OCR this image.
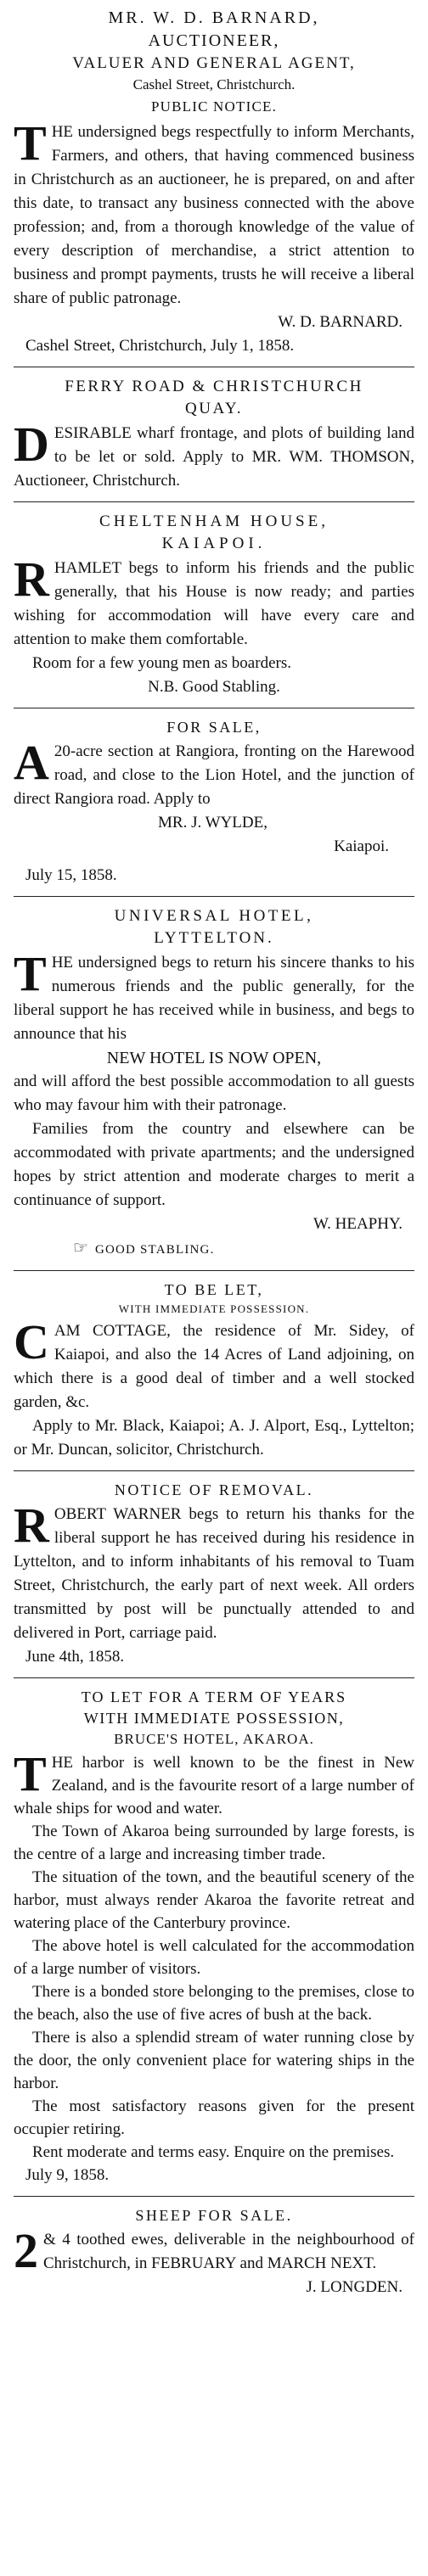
MR. W. D. BARNARD,
AUCTIONEER,
VALUER AND GENERAL AGENT,
Cashel Street, Christchurch.
PUBLIC NOTICE.
T HE undersigned begs respectfully to inform Merchants, Farmers, and others, that having commenced business in Christchurch as an auctioneer, he is prepared, on and after this date, to transact any business connected with the above profession; and, from a thorough knowledge of the value of every description of merchandise, a strict attention to business and prompt payments, trusts he will receive a liberal share of public patronage.

W. D. BARNARD.
Cashel Street, Christchurch, July 1, 1858.
FERRY ROAD & CHRISTCHURCH
QUAY.
D ESIRABLE wharf frontage, and plots of building land to be let or sold. Apply to MR. WM. THOMSON, Auctioneer, Christchurch.

CHELTENHAM HOUSE,
KAIAPOI.
R HAMLET begs to inform his friends and the public generally, that his House is now ready; and parties wishing for accommodation will have every care and attention to make them comfortable.

Room for a few young men as boarders.

N.B. Good Stabling.
FOR SALE,
A 20-acre section at Rangiora, fronting on the Harewood road, and close to the Lion Hotel, and the junction of direct Rangiora road. Apply to

MR. J. WYLDE,
Kaiapoi.
July 15, 1858.
UNIVERSAL HOTEL,
LYTTELTON.
T HE undersigned begs to return his sincere thanks to his numerous friends and the public generally, for the liberal support he has received while in business, and begs to announce that his

NEW HOTEL IS NOW OPEN,

and will afford the best possible accommodation to all guests who may favour him with their patronage.

Families from the country and elsewhere can be accommodated with private apartments; and the undersigned hopes by strict attention and moderate charges to merit a continuance of support.

W. HEAPHY.
☞ GOOD STABLING.
TO BE LET,
WITH IMMEDIATE POSSESSION.
C AM COTTAGE, the residence of Mr. Sidey, of Kaiapoi, and also the 14 Acres of Land adjoining, on which there is a good deal of timber and a well stocked garden, &c.

Apply to Mr. Black, Kaiapoi; A. J. Alport, Esq., Lyttelton; or Mr. Duncan, solicitor, Christchurch.

NOTICE OF REMOVAL.
R OBERT WARNER begs to return his thanks for the liberal support he has received during his residence in Lyttelton, and to inform inhabitants of his removal to Tuam Street, Christchurch, the early part of next week. All orders transmitted by post will be punctually attended to and delivered in Port, carriage paid.

June 4th, 1858.
TO LET FOR A TERM OF YEARS
WITH IMMEDIATE POSSESSION,
BRUCE'S HOTEL, AKAROA.
T HE harbor is well known to be the finest in New Zealand, and is the favourite resort of a large number of whale ships for wood and water.

The Town of Akaroa being surrounded by large forests, is the centre of a large and increasing timber trade.

The situation of the town, and the beautiful scenery of the harbor, must always render Akaroa the favorite retreat and watering place of the Canterbury province.

The above hotel is well calculated for the accommodation of a large number of visitors.

There is a bonded store belonging to the premises, close to the beach, also the use of five acres of bush at the back.

There is also a splendid stream of water running close by the door, the only convenient place for watering ships in the harbor.

The most satisfactory reasons given for the present occupier retiring.

Rent moderate and terms easy. Enquire on the premises.

July 9, 1858.
SHEEP FOR SALE.
2 & 4 toothed ewes, deliverable in the neighbourhood of Christchurch, in FEBRUARY and MARCH NEXT.

J. LONGDEN.
